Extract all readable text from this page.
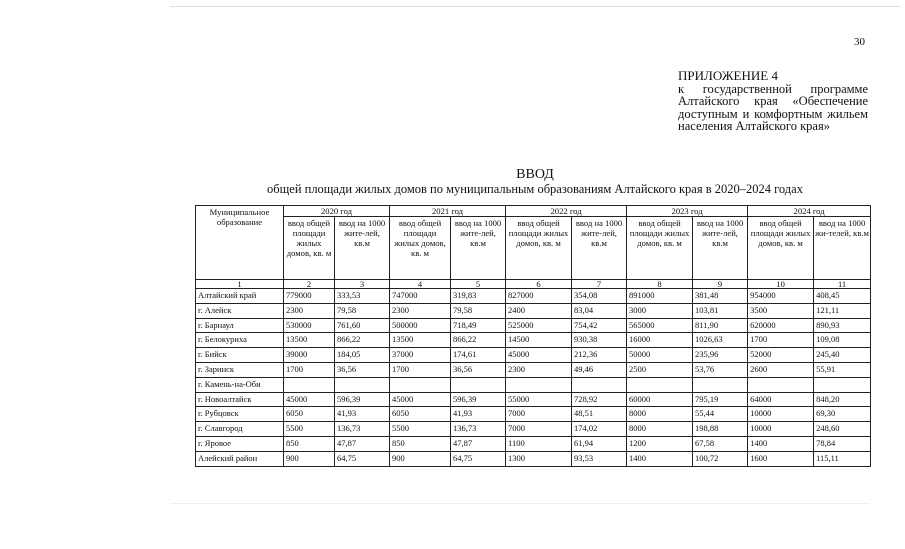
30
ПРИЛОЖЕНИЕ 4
к государственной программе
Алтайского края «Обеспечение
доступным и комфортным жильем
населения Алтайского края»
ВВОД
общей площади жилых домов по муниципальным образованиям Алтайского края в 2020–2024 годах
Муниципальное образование	2020 год		2021 год		2022 год		2023 год		2024 год	
	ввод общей площади жилых домов, кв. м	ввод на 1000 жите-лей, кв.м	ввод общей площади жилых домов, кв. м	ввод на 1000 жите-лей, кв.м	ввод общей площади жилых домов, кв. м	ввод на 1000 жите-лей, кв.м	ввод общей площади жилых домов, кв. м	ввод на 1000 жите-лей, кв.м	ввод общей площади жилых домов, кв. м	ввод на 1000 жи-телей, кв.м
1	2	3	4	5	6	7	8	9	10	11
Алтайский край	779000	333,53	747000	319,83	827000	354,08	891000	381,48	954000	408,45
г. Алейск	2300	79,58	2300	79,58	2400	83,04	3000	103,81	3500	121,11
г. Барнаул	530000	761,60	500000	718,49	525000	754,42	565000	811,90	620000	890,93
г. Белокуриха	13500	866,22	13500	866,22	14500	930,38	16000	1026,63	1700	109,08
г. Бийск	39000	184,05	37000	174,61	45000	212,36	50000	235,96	52000	245,40
г. Заринск	1700	36,56	1700	36,56	2300	49,46	2500	53,76	2600	55,91
г. Камень-на-Оби										
г. Новоалтайск	45000	596,39	45000	596,39	55000	728,92	60000	795,19	64000	848,20
г. Рубцовск	6050	41,93	6050	41,93	7000	48,51	8000	55,44	10000	69,30
г. Славгород	5500	136,73	5500	136,73	7000	174,02	8000	198,88	10000	248,60
г. Яровое	850	47,87	850	47,87	1100	61,94	1200	67,58	1400	78,84
Алейский район	900	64,75	900	64,75	1300	93,53	1400	100,72	1600	115,11
